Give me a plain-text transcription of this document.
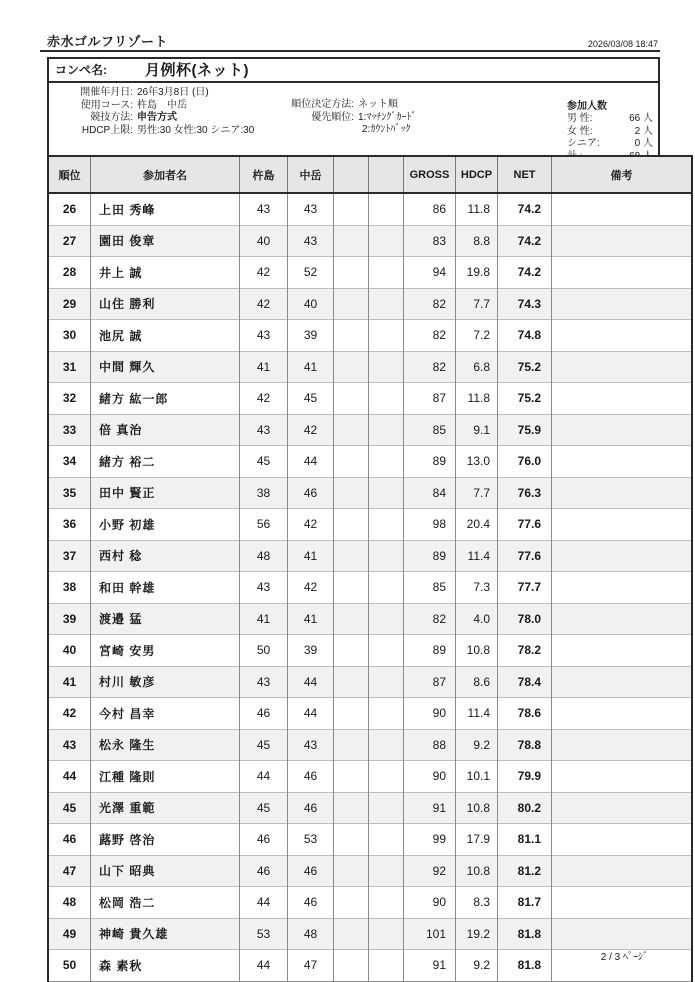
赤水ゴルフリゾート	2026/03/08 18:47
コンペ名:	月例杯(ネット)
開催年月日: 26年3月8日 (日)
使用コース: 杵島　中岳
競技方法: 申告方式
HDCP上限: 男性:30 女性:30 シニア:30
順位決定方法: ネット順
優先順位: 1:ﾏｯﾁﾝｸﾞｶｰﾄﾞ
2:ｶｳﾝﾄﾊﾞｯｸ
参加人数
男 性:	66 人
女 性:	2 人
シニア:	0 人
順位	参加者名	杵島	中岳			GROSS	HDCP	NET	備考
26	上田 秀峰	43	43			86	11.8	74.2	
27	園田 俊章	40	43			83	8.8	74.2	
28	井上 誠	42	52			94	19.8	74.2	
29	山住 勝利	42	40			82	7.7	74.3	
30	池尻 誠	43	39			82	7.2	74.8	
31	中間 輝久	41	41			82	6.8	75.2	
32	緒方 紘一郎	42	45			87	11.8	75.2	
33	倍 真治	43	42			85	9.1	75.9	
34	緒方 裕二	45	44			89	13.0	76.0	
35	田中 賢正	38	46			84	7.7	76.3	
36	小野 初雄	56	42			98	20.4	77.6	
37	西村 稔	48	41			89	11.4	77.6	
38	和田 幹雄	43	42			85	7.3	77.7	
39	渡邉 猛	41	41			82	4.0	78.0	
40	宮崎 安男	50	39			89	10.8	78.2	
41	村川 敏彦	43	44			87	8.6	78.4	
42	今村 昌幸	46	44			90	11.4	78.6	
43	松永 隆生	45	43			88	9.2	78.8	
44	江種 隆則	44	46			90	10.1	79.9	
45	光澤 重範	45	46			91	10.8	80.2	
46	蕗野 啓治	46	53			99	17.9	81.1	
47	山下 昭典	46	46			92	10.8	81.2	
48	松岡 浩二	44	46			90	8.3	81.7	
49	神崎 貴久雄	53	48			101	19.2	81.8	
50	森 素秋	44	47			91	9.2	81.8	

2 / 3 ﾍﾟｰｼﾞ
